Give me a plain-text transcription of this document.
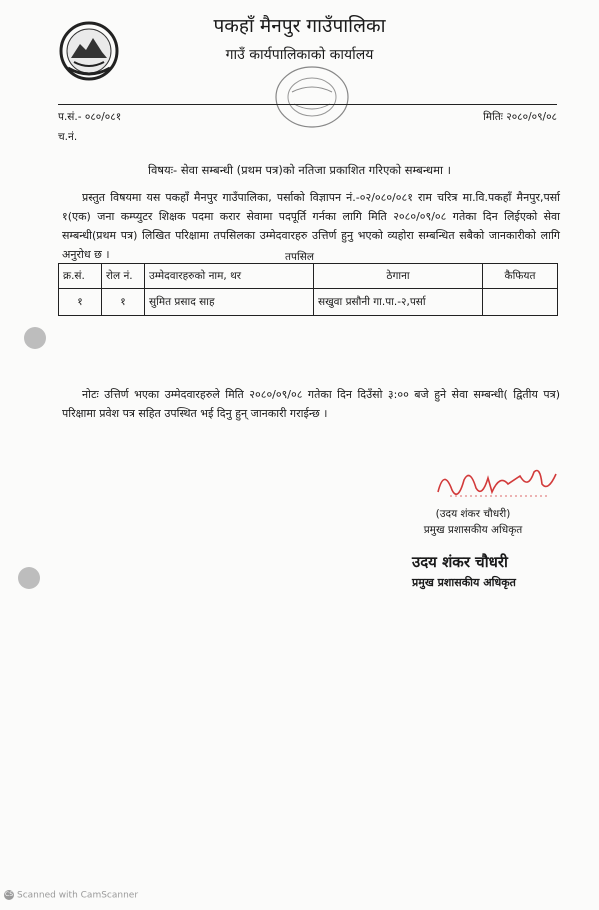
पकहाँ मैनपुर गाउँपालिका
गाउँ कार्यपालिकाको कार्यालय
प.सं.- ०८०/०८१	मितिः २०८०/०९/०८
च.नं.
विषयः- सेवा सम्बन्धी (प्रथम पत्र)को नतिजा प्रकाशित गरिएको सम्बन्धमा ।
प्रस्तुत विषयमा यस पकहाँ मैनपुर गाउँपालिका, पर्साको विज्ञापन नं.-०२/०८०/०८१ राम चरित्र मा.वि.पकहाँ मैनपुर,पर्सा १(एक) जना कम्प्युटर शिक्षक पदमा करार सेवामा पदपूर्ति गर्नका लागि मिति २०८०/०९/०८ गतेका दिन लिईएको सेवा सम्बन्धी(प्रथम पत्र) लिखित परिक्षामा तपसिलका उम्मेदवारहरु उत्तिर्ण हुनु भएको व्यहोरा सम्बन्धित सबैको जानकारीको लागि अनुरोध छ ।	तपसिल
क्र.सं.	रोल नं.	उम्मेदवारहरुको नाम, थर	ठेगाना	कैफियत
१	१	सुमित प्रसाद साह	सखुवा प्रसौनी गा.पा.-२,पर्सा	
नोटः उत्तिर्ण भएका उम्मेदवारहरुले मिति २०८०/०९/०८ गतेका दिन दिउँसो ३:०० बजे हुने सेवा सम्बन्धी( द्वितीय पत्र) परिक्षामा प्रवेश पत्र सहित उपस्थित भई दिनु हुन् जानकारी गराईन्छ ।
(उदय शंकर चौधरी)
प्रमुख प्रशासकीय अधिकृत
उदय शंकर चौधरी
प्रमुख प्रशासकीय अधिकृत
CS Scanned with CamScanner
